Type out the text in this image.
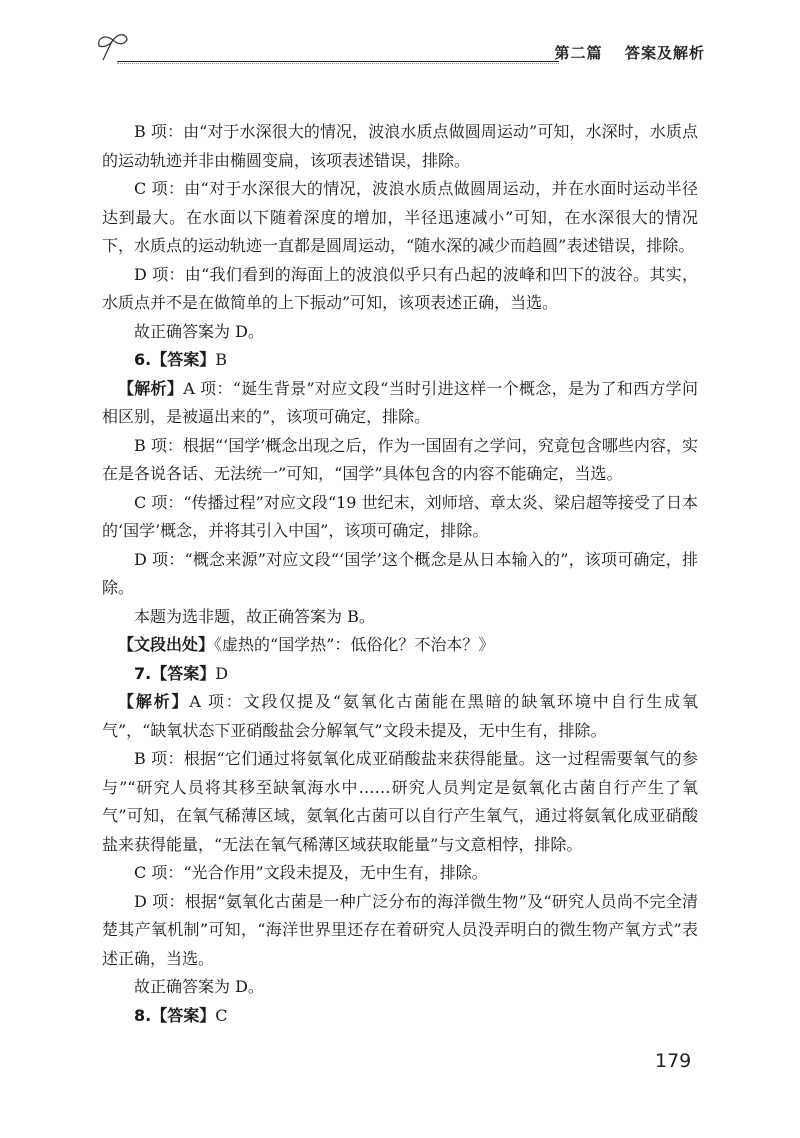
第二篇 答案及解析

B 项：由“对于水深很大的情况，波浪水质点做圆周运动”可知，水深时，水质点的运动轨迹并非由椭圆变扁，该项表述错误，排除。

C 项：由“对于水深很大的情况，波浪水质点做圆周运动，并在水面时运动半径达到最大。在水面以下随着深度的增加，半径迅速减小”可知，在水深很大的情况下，水质点的运动轨迹一直都是圆周运动，“随水深的减少而趋圆”表述错误，排除。

D 项：由“我们看到的海面上的波浪似乎只有凸起的波峰和凹下的波谷。其实，水质点并不是在做简单的上下振动”可知，该项表述正确，当选。

故正确答案为 D。

6.【答案】B

【解析】A 项：“诞生背景”对应文段“当时引进这样一个概念，是为了和西方学问相区别，是被逼出来的”，该项可确定，排除。

B 项：根据“‘国学’概念出现之后，作为一国固有之学问，究竟包含哪些内容，实在是各说各话、无法统一”可知，“国学”具体包含的内容不能确定，当选。

C 项：“传播过程”对应文段“19 世纪末，刘师培、章太炎、梁启超等接受了日本的‘国学’概念，并将其引入中国”，该项可确定，排除。

D 项：“概念来源”对应文段“‘国学’这个概念是从日本输入的”，该项可确定，排除。

本题为选非题，故正确答案为 B。

【文段出处】《虚热的“国学热”：低俗化？不治本？》

7.【答案】D

【解析】A 项：文段仅提及“氨氧化古菌能在黑暗的缺氧环境中自行生成氧气”，“缺氧状态下亚硝酸盐会分解氧气”文段未提及，无中生有，排除。

B 项：根据“它们通过将氨氧化成亚硝酸盐来获得能量。这一过程需要氧气的参与”“研究人员将其移至缺氧海水中……研究人员判定是氨氧化古菌自行产生了氧气”可知，在氧气稀薄区域，氨氧化古菌可以自行产生氧气，通过将氨氧化成亚硝酸盐来获得能量，“无法在氧气稀薄区域获取能量”与文意相悖，排除。

C 项：“光合作用”文段未提及，无中生有，排除。

D 项：根据“氨氧化古菌是一种广泛分布的海洋微生物”及“研究人员尚不完全清楚其产氧机制”可知，“海洋世界里还存在着研究人员没弄明白的微生物产氧方式”表述正确，当选。

故正确答案为 D。

8.【答案】C

179
